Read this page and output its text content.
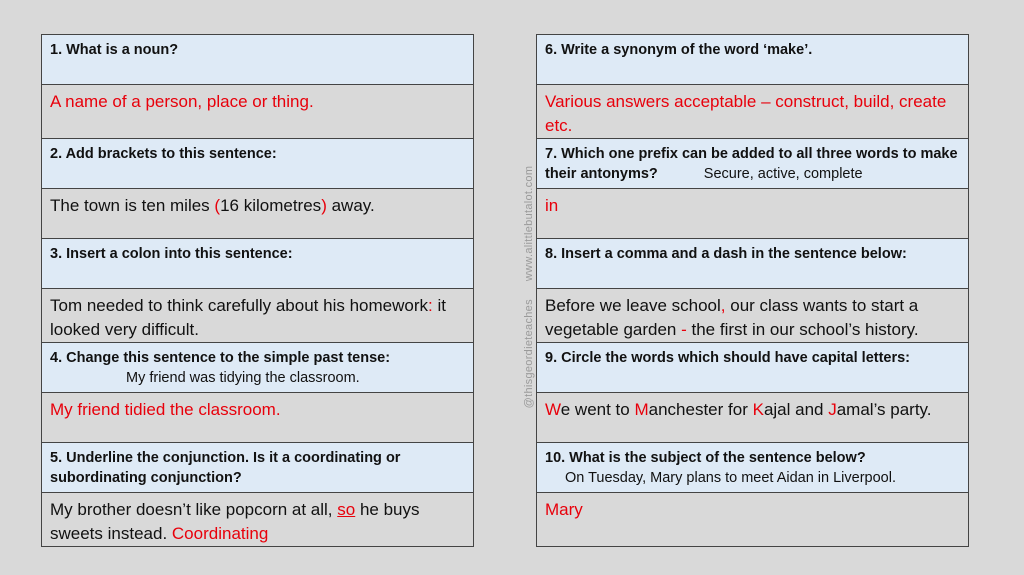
1. What is a noun?
A name of a person, place or thing.
2. Add brackets to this sentence:
The town is ten miles (16 kilometres) away.
3. Insert a colon into this sentence:
Tom needed to think carefully about his homework: it looked very difficult.
4. Change this sentence to the simple past tense:
My friend was tidying the classroom.
My friend tidied the classroom.
5. Underline the conjunction. Is it a coordinating or subordinating conjunction?
My brother doesn’t like popcorn at all, so he buys sweets instead. Coordinating
6. Write a synonym of the word ‘make’.
Various answers acceptable – construct, build, create etc.
7. Which one prefix can be added to all three words to make their antonyms?	Secure, active, complete
in
8. Insert a comma and a dash in the sentence below:
Before we leave school, our class wants to start a vegetable garden - the first in our school’s history.
9. Circle the words which should have capital letters:
We went to Manchester for Kajal and Jamal’s party.
10. What is the subject of the sentence below?
On Tuesday, Mary plans to meet Aidan in Liverpool.
Mary
@thisgeordieteacheswww.alittlebutalot.com
